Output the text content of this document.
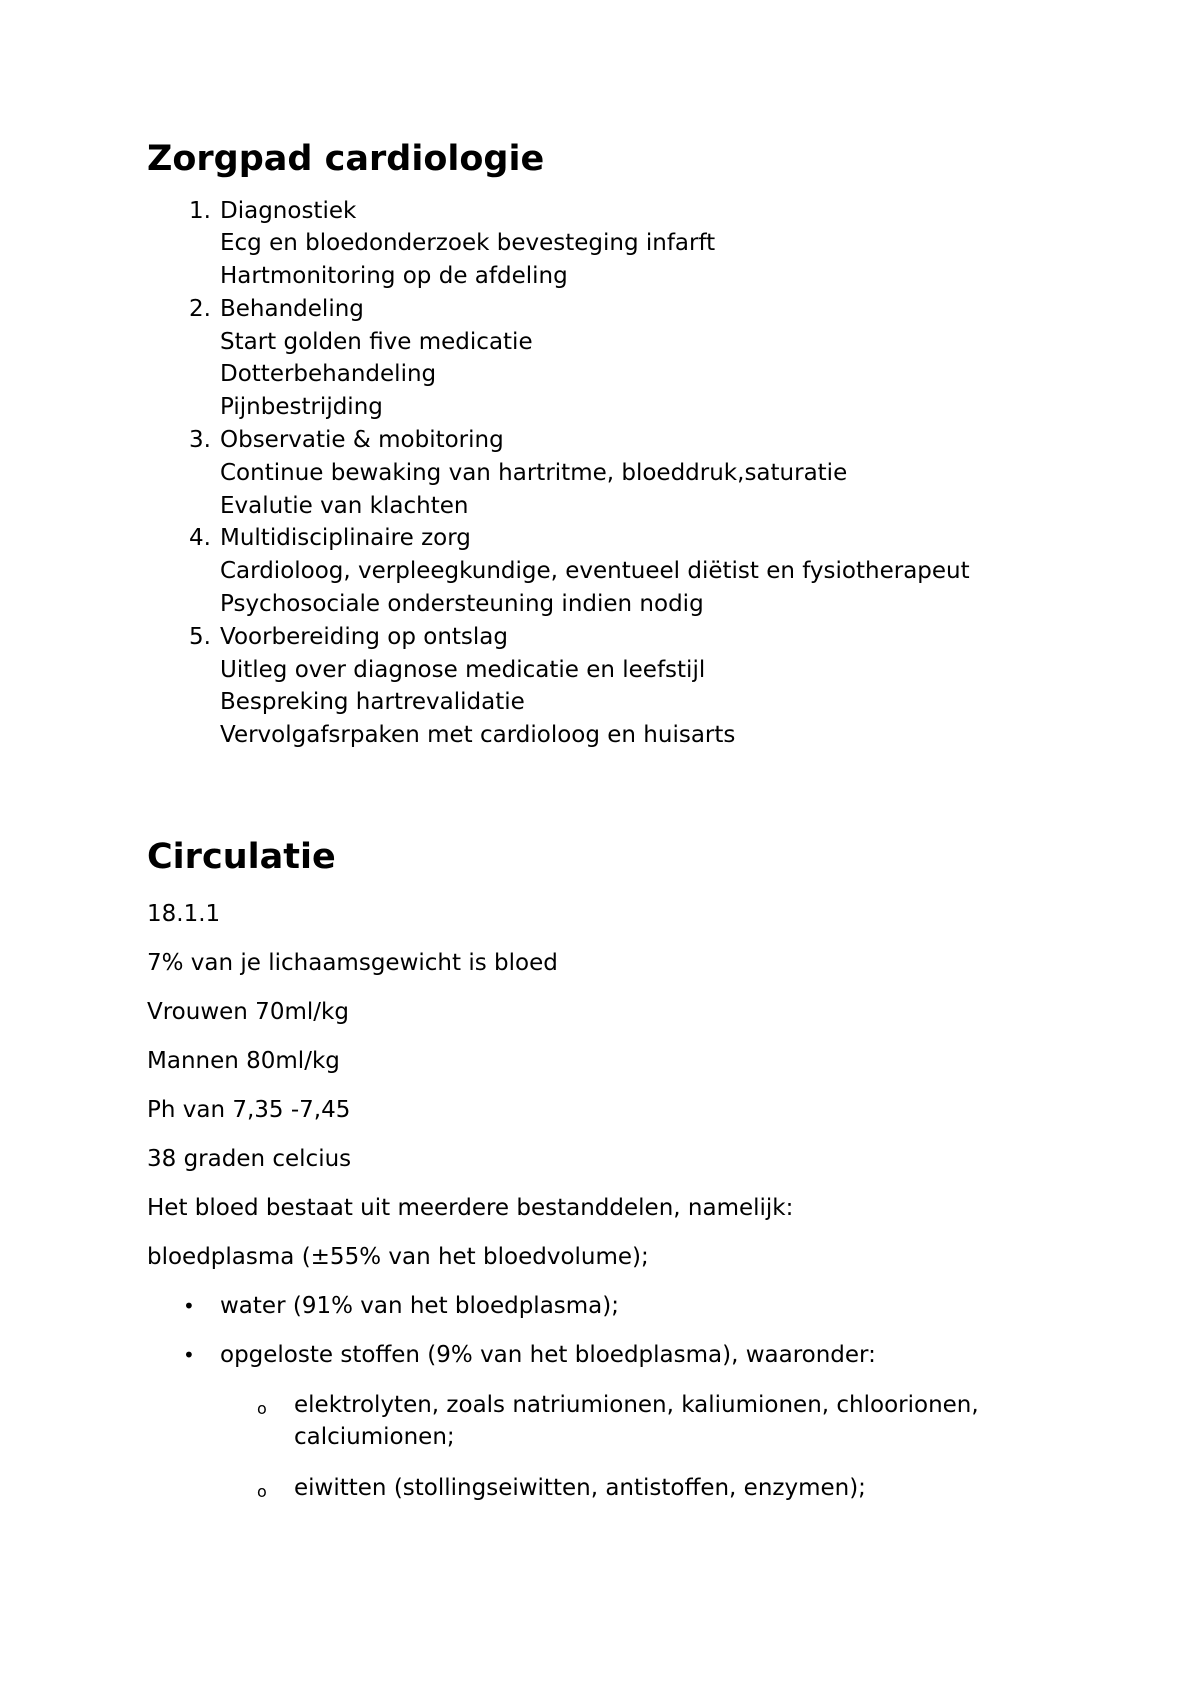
Zorgpad cardiologie
1. Diagnostiek
Ecg en bloedonderzoek bevesteging infarft
Hartmonitoring op de afdeling
2. Behandeling
Start golden five medicatie
Dotterbehandeling
Pijnbestrijding
3. Observatie & mobitoring
Continue bewaking van hartritme, bloeddruk,saturatie
Evalutie van klachten
4. Multidisciplinaire zorg
Cardioloog, verpleegkundige, eventueel diëtist en fysiotherapeut
Psychosociale ondersteuning indien nodig
5. Voorbereiding op ontslag
Uitleg over diagnose medicatie en leefstijl
Bespreking hartrevalidatie
Vervolgafsrpaken met cardioloog en huisarts
Circulatie

18.1.1

7% van je lichaamsgewicht is bloed

Vrouwen 70ml/kg

Mannen 80ml/kg

Ph van 7,35 -7,45

38 graden celcius

Het bloed bestaat uit meerdere bestanddelen, namelijk:

bloedplasma (±55% van het bloedvolume);

•	water (91% van het bloedplasma);
•	opgeloste stoffen (9% van het bloedplasma), waaronder:
o	elektrolyten, zoals natriumionen, kaliumionen, chloorionen, calciumionen;
o	eiwitten (stollingseiwitten, antistoffen, enzymen);
